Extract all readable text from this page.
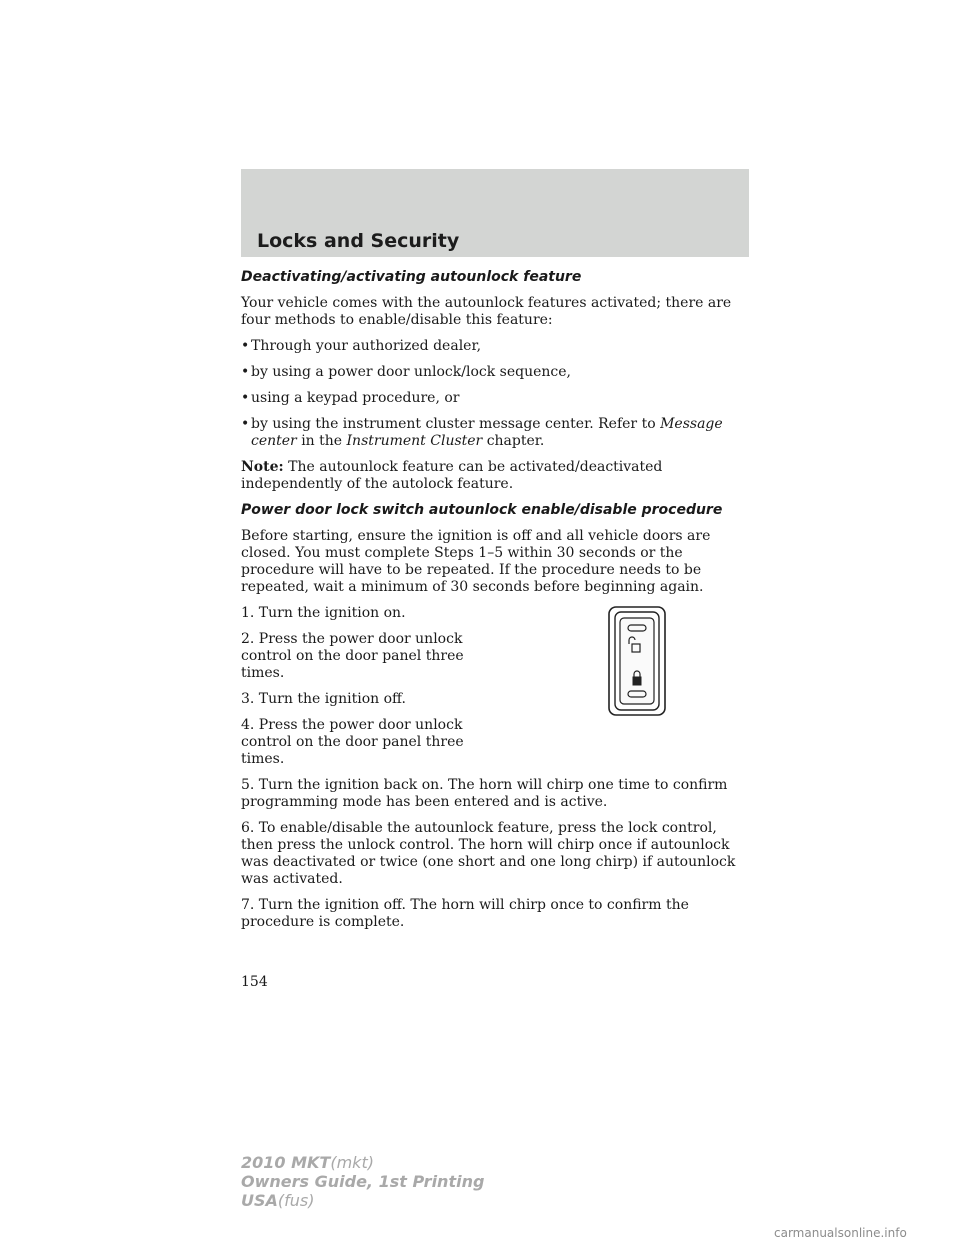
Locks and Security
Deactivating/activating autounlock feature

Your vehicle comes with the autounlock features activated; there are four methods to enable/disable this feature:

• Through your authorized dealer,
• by using a power door unlock/lock sequence,
• using a keypad procedure, or
• by using the instrument cluster message center. Refer to Message center in the Instrument Cluster chapter.

Note: The autounlock feature can be activated/deactivated independently of the autolock feature.

Power door lock switch autounlock enable/disable procedure

Before starting, ensure the ignition is off and all vehicle doors are closed. You must complete Steps 1–5 within 30 seconds or the procedure will have to be repeated. If the procedure needs to be repeated, wait a minimum of 30 seconds before beginning again.

1. Turn the ignition on.

2. Press the power door unlock control on the door panel three times.

3. Turn the ignition off.

4. Press the power door unlock control on the door panel three times.

5. Turn the ignition back on. The horn will chirp one time to confirm programming mode has been entered and is active.

6. To enable/disable the autounlock feature, press the lock control, then press the unlock control. The horn will chirp once if autounlock was deactivated or twice (one short and one long chirp) if autounlock was activated.

7. Turn the ignition off. The horn will chirp once to confirm the procedure is complete.

154
2010 MKT(mkt)
Owners Guide, 1st Printing
USA(fus)
carmanualsonline.info
